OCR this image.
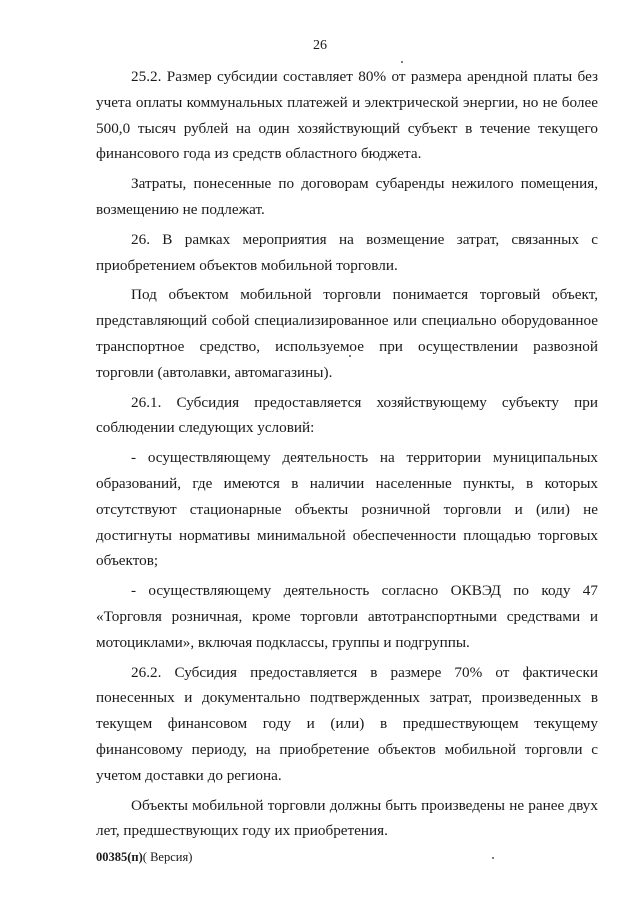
26

25.2. Размер субсидии составляет 80% от размера арендной платы без учета оплаты коммунальных платежей и электрической энергии, но не более 500,0 тысяч рублей на один хозяйствующий субъект в течение текущего финансового года из средств областного бюджета.

Затраты, понесенные по договорам субаренды нежилого помещения, возмещению не подлежат.

26. В рамках мероприятия на возмещение затрат, связанных с приобретением объектов мобильной торговли.

Под объектом мобильной торговли понимается торговый объект, представляющий собой специализированное или специально оборудованное транспортное средство, используемое при осуществлении развозной торговли (автолавки, автомагазины).

26.1. Субсидия предоставляется хозяйствующему субъекту при соблюдении следующих условий:

- осуществляющему деятельность на территории муниципальных образований, где имеются в наличии населенные пункты, в которых отсутствуют стационарные объекты розничной торговли и (или) не достигнуты нормативы минимальной обеспеченности площадью торговых объектов;

- осуществляющему деятельность согласно ОКВЭД по коду 47 «Торговля розничная, кроме торговли автотранспортными средствами и мотоциклами», включая подклассы, группы и подгруппы.

26.2. Субсидия предоставляется в размере 70% от фактически понесенных и документально подтвержденных затрат, произведенных в текущем финансовом году и (или) в предшествующем текущему финансовому периоду, на приобретение объектов мобильной торговли с учетом доставки до региона.

Объекты мобильной торговли должны быть произведены не ранее двух лет, предшествующих году их приобретения.

00385(п)( Версия)
